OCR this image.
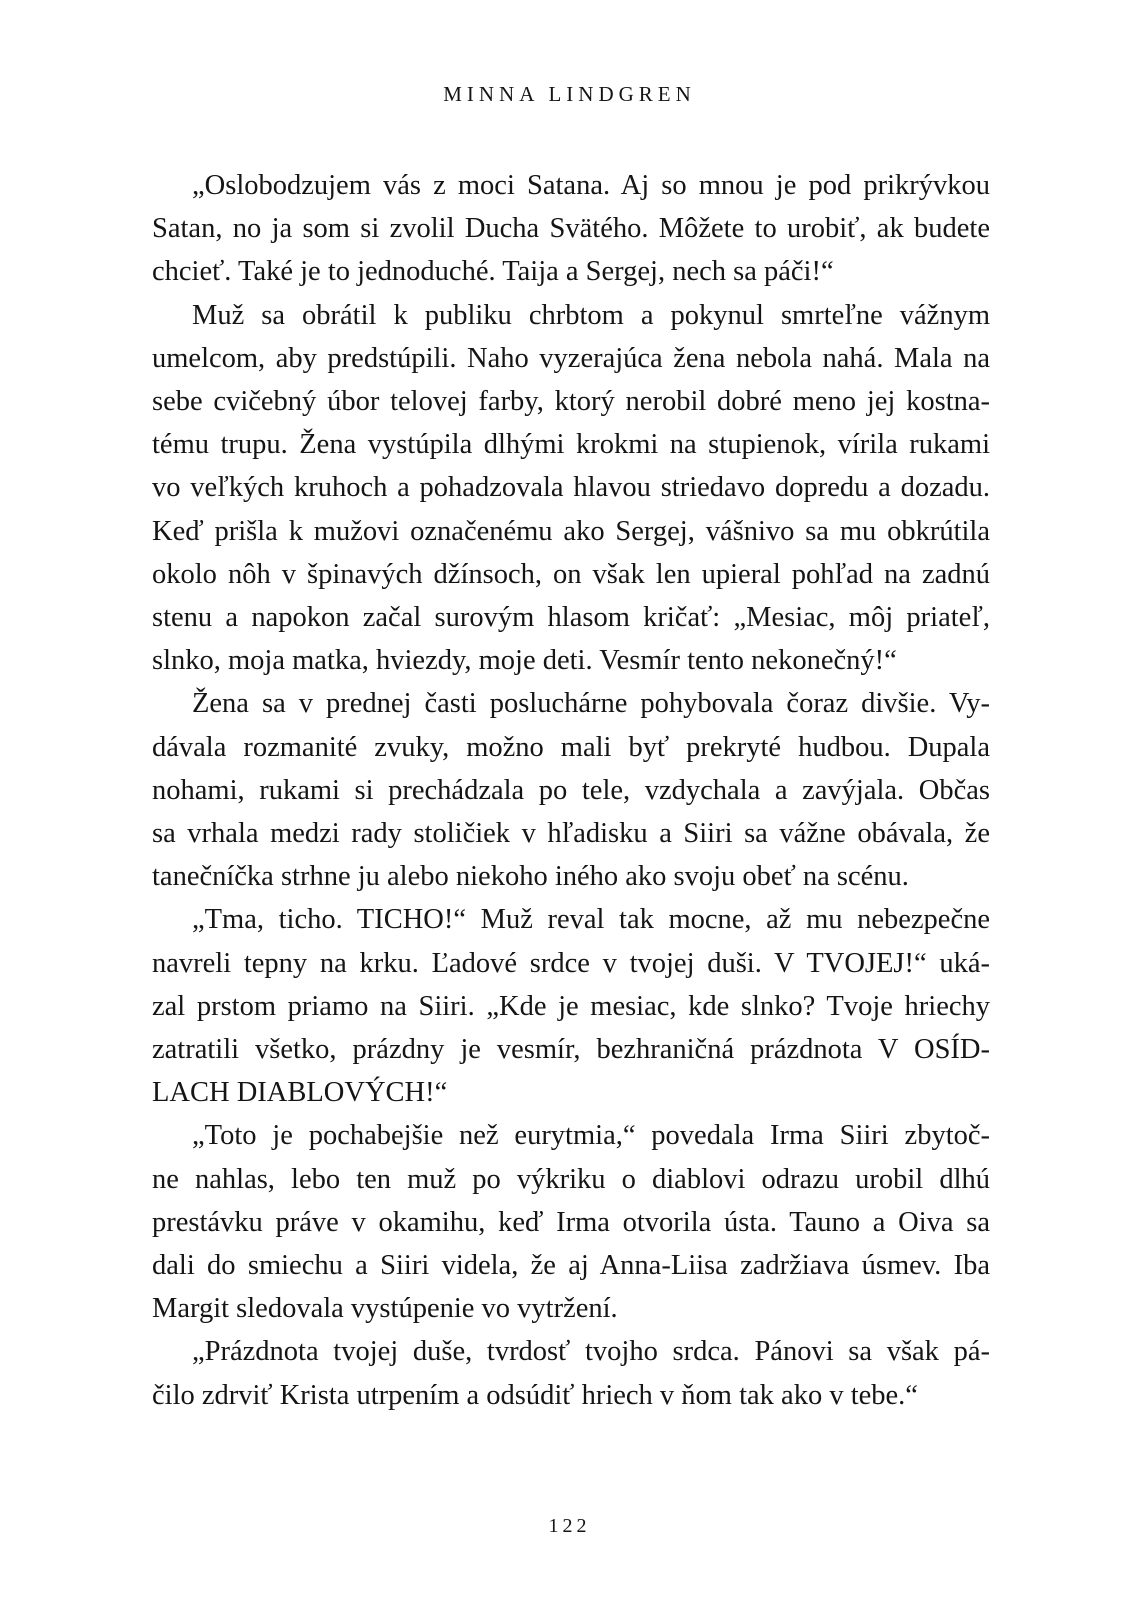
MINNA LINDGREN
„Oslobodzujem vás z moci Satana. Aj so mnou je pod prikrývkou
Satan, no ja som si zvolil Ducha Svätého. Môžete to urobiť, ak budete
chcieť. Také je to jednoduché. Taija a Sergej, nech sa páči!“
Muž sa obrátil k publiku chrbtom a pokynul smrteľne vážnym
umelcom, aby predstúpili. Naho vyzerajúca žena nebola nahá. Mala na
sebe cvičebný úbor telovej farby, ktorý nerobil dobré meno jej kostna-
tému trupu. Žena vystúpila dlhými krokmi na stupienok, vírila rukami
vo veľkých kruhoch a pohadzovala hlavou striedavo dopredu a dozadu.
Keď prišla k mužovi označenému ako Sergej, vášnivo sa mu obkrútila
okolo nôh v špinavých džínsoch, on však len upieral pohľad na zadnú
stenu a napokon začal surovým hlasom kričať: „Mesiac, môj priateľ,
slnko, moja matka, hviezdy, moje deti. Vesmír tento nekonečný!“
Žena sa v prednej časti posluchárne pohybovala čoraz divšie. Vy-
dávala rozmanité zvuky, možno mali byť prekryté hudbou. Dupala
nohami, rukami si prechádzala po tele, vzdychala a zavýjala. Občas
sa vrhala medzi rady stoličiek v hľadisku a Siiri sa vážne obávala, že
tanečníčka strhne ju alebo niekoho iného ako svoju obeť na scénu.
„Tma, ticho. TICHO!“ Muž reval tak mocne, až mu nebezpečne
navreli tepny na krku. Ľadové srdce v tvojej duši. V TVOJEJ!“ uká-
zal prstom priamo na Siiri. „Kde je mesiac, kde slnko? Tvoje hriechy
zatratili všetko, prázdny je vesmír, bezhraničná prázdnota V OSÍD-
LACH DIABLOVÝCH!“
„Toto je pochabejšie než eurytmia,“ povedala Irma Siiri zbytoč-
ne nahlas, lebo ten muž po výkriku o diablovi odrazu urobil dlhú
prestávku práve v okamihu, keď Irma otvorila ústa. Tauno a Oiva sa
dali do smiechu a Siiri videla, že aj Anna-Liisa zadržiava úsmev. Iba
Margit sledovala vystúpenie vo vytržení.
„Prázdnota tvojej duše, tvrdosť tvojho srdca. Pánovi sa však pá-
čilo zdrviť Krista utrpením a odsúdiť hriech v ňom tak ako v tebe.“
122
